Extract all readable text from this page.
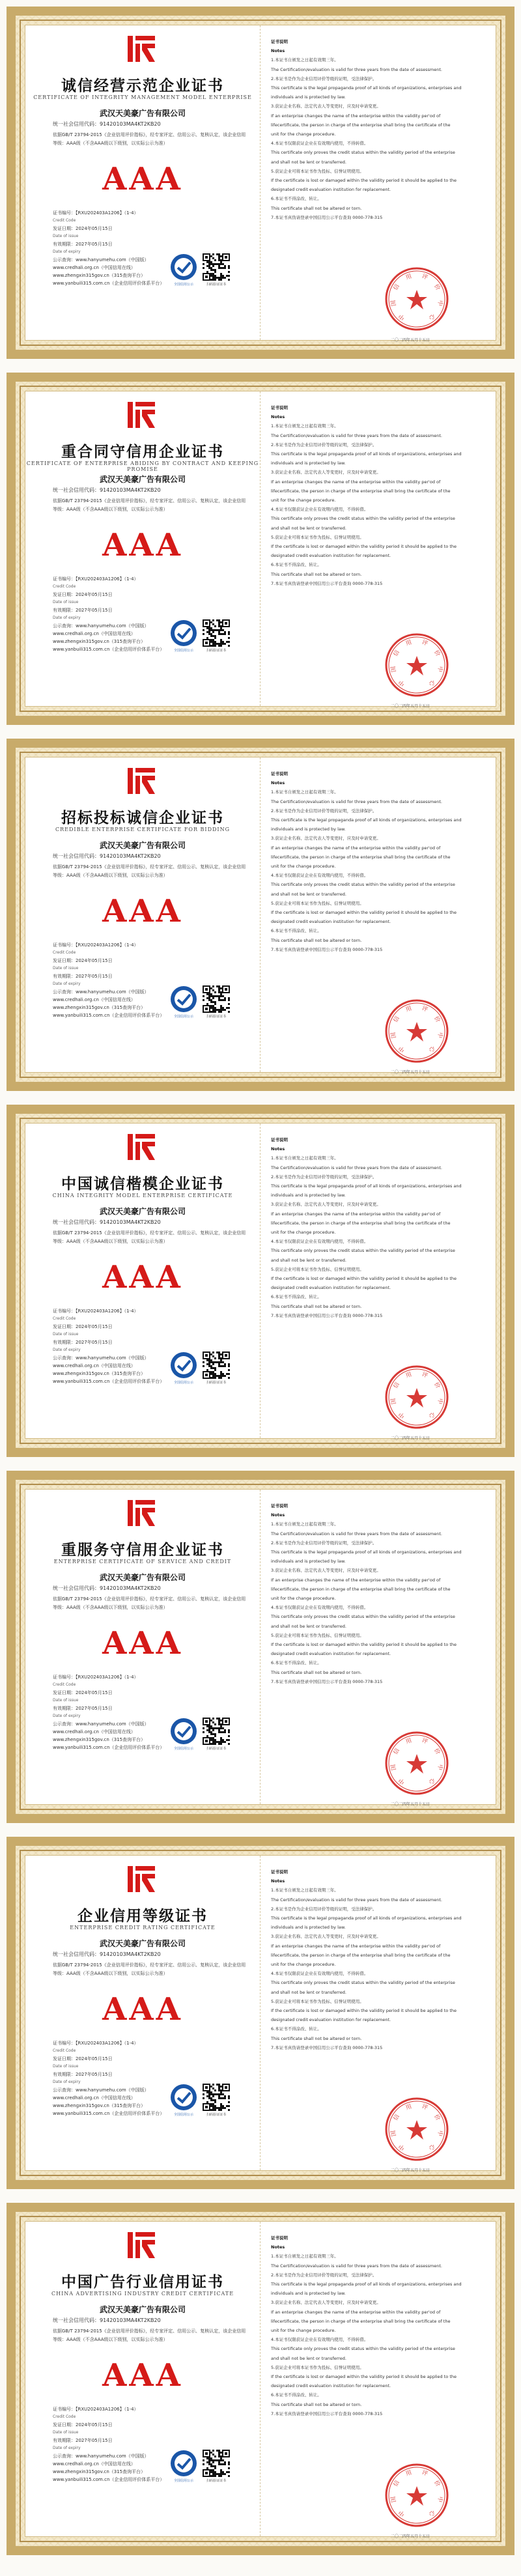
诚信经营示范企业证书
CERTIFICATE OF INTEGRITY MANAGEMENT MODEL ENTERPRISE
武汉天美豪广告有限公司
统一社会信用代码：91420103MA4KT2KB20
依据GB/T 23794-2015《企业信用评价指标》，经专家评定、信用公示、复核认定，该企业信用
等级：AAA级（不含AAA级以下级别，以实际公示为准）
AAA
证书编号：【RXU202403A1206】（1-4）
Credit Code
发证日期：2024年05月15日
Date of issue
有效期限：2027年05月15日
Date of expiry
公示查询：www.hanyumehu.com（中国版）
www.credhali.org.cn（中国信用在线）
www.zhengxin315gov.cn（315查询平台）
www.yanbuili315.com.cn（企业信用评价体系平台）	全国信用公示	扫码验证证书
证书说明
Notes
1.本证书自颁发之日起有效期三年。
The Certification/evaluation is valid for three years from the date of assessment.
2.本证书是作为企业信用评价等级的证明，受法律保护。
This certificate is the legal propaganda proof of all kinds of organizations, enterprises and
individuals and is protected by law.
3.获证企业名称、法定代表人等变更时，应及时申请变更。
If an enterprise changes the name of the enterprise within the validity per'od of
lifecertificate, the person in charge of the enterprise shall bring the certificate of the
unit for the change procedure.
4.本证书仅限获证企业在有效期内使用，不得转借。
This certificate only proves the credit status within the validity period of the enterprise
and shall not be lent or transferred.
5.获证企业可将本证书作为投标、信誉证明使用。
If the certificate is lost or damaged within the validity period it should be applied to the
designated credit evaluation institution for replacement.
6.本证书不得涂改、转让。
This certificate shall not be altered or torn.
7.本证书真伪请登录中国信用公示平台查询 0000-778-315
中
国
信
用 评
价
中
心
二〇二四年五月十五日
重合同守信用企业证书
CERTIFICATE OF ENTERPRISE ABIDING BY CONTRACT AND KEEPING PROMISE
武汉天美豪广告有限公司
统一社会信用代码：91420103MA4KT2KB20
依据GB/T 23794-2015《企业信用评价指标》，经专家评定、信用公示、复核认定，该企业信用
等级：AAA级（不含AAA级以下级别，以实际公示为准）
AAA
证书编号：【RXU202403A1206】（1-4）
Credit Code
发证日期：2024年05月15日
Date of issue
有效期限：2027年05月15日
Date of expiry
公示查询：www.hanyumehu.com（中国版）
www.credhali.org.cn（中国信用在线）
www.zhengxin315gov.cn（315查询平台）
www.yanbuili315.com.cn（企业信用评价体系平台）	全国信用公示	扫码验证证书
证书说明
Notes
1.本证书自颁发之日起有效期三年。
The Certification/evaluation is valid for three years from the date of assessment.
2.本证书是作为企业信用评价等级的证明，受法律保护。
This certificate is the legal propaganda proof of all kinds of organizations, enterprises and
individuals and is protected by law.
3.获证企业名称、法定代表人等变更时，应及时申请变更。
If an enterprise changes the name of the enterprise within the validity per'od of
lifecertificate, the person in charge of the enterprise shall bring the certificate of the
unit for the change procedure.
4.本证书仅限获证企业在有效期内使用，不得转借。
This certificate only proves the credit status within the validity period of the enterprise
and shall not be lent or transferred.
5.获证企业可将本证书作为投标、信誉证明使用。
If the certificate is lost or damaged within the validity period it should be applied to the
designated credit evaluation institution for replacement.
6.本证书不得涂改、转让。
This certificate shall not be altered or torn.
7.本证书真伪请登录中国信用公示平台查询 0000-778-315
中
国
信
用 评
价
中
心
二〇二四年五月十五日
招标投标诚信企业证书
CREDIBLE ENTERPRISE CERTIFICATE FOR BIDDING
武汉天美豪广告有限公司
统一社会信用代码：91420103MA4KT2KB20
依据GB/T 23794-2015《企业信用评价指标》，经专家评定、信用公示、复核认定，该企业信用
等级：AAA级（不含AAA级以下级别，以实际公示为准）
AAA
证书编号：【RXU202403A1206】（1-4）
Credit Code
发证日期：2024年05月15日
Date of issue
有效期限：2027年05月15日
Date of expiry
公示查询：www.hanyumehu.com（中国版）
www.credhali.org.cn（中国信用在线）
www.zhengxin315gov.cn（315查询平台）
www.yanbuili315.com.cn（企业信用评价体系平台）	全国信用公示	扫码验证证书
证书说明
Notes
1.本证书自颁发之日起有效期三年。
The Certification/evaluation is valid for three years from the date of assessment.
2.本证书是作为企业信用评价等级的证明，受法律保护。
This certificate is the legal propaganda proof of all kinds of organizations, enterprises and
individuals and is protected by law.
3.获证企业名称、法定代表人等变更时，应及时申请变更。
If an enterprise changes the name of the enterprise within the validity per'od of
lifecertificate, the person in charge of the enterprise shall bring the certificate of the
unit for the change procedure.
4.本证书仅限获证企业在有效期内使用，不得转借。
This certificate only proves the credit status within the validity period of the enterprise
and shall not be lent or transferred.
5.获证企业可将本证书作为投标、信誉证明使用。
If the certificate is lost or damaged within the validity period it should be applied to the
designated credit evaluation institution for replacement.
6.本证书不得涂改、转让。
This certificate shall not be altered or torn.
7.本证书真伪请登录中国信用公示平台查询 0000-778-315
中
国
信
用 评
价
中
心
二〇二四年五月十五日
中国诚信楷模企业证书
CHINA INTEGRITY MODEL ENTERPRISE CERTIFICATE
武汉天美豪广告有限公司
统一社会信用代码：91420103MA4KT2KB20
依据GB/T 23794-2015《企业信用评价指标》，经专家评定、信用公示、复核认定，该企业信用
等级：AAA级（不含AAA级以下级别，以实际公示为准）
AAA
证书编号：【RXU202403A1206】（1-4）
Credit Code
发证日期：2024年05月15日
Date of issue
有效期限：2027年05月15日
Date of expiry
公示查询：www.hanyumehu.com（中国版）
www.credhali.org.cn（中国信用在线）
www.zhengxin315gov.cn（315查询平台）
www.yanbuili315.com.cn（企业信用评价体系平台）	全国信用公示	扫码验证证书
证书说明
Notes
1.本证书自颁发之日起有效期三年。
The Certification/evaluation is valid for three years from the date of assessment.
2.本证书是作为企业信用评价等级的证明，受法律保护。
This certificate is the legal propaganda proof of all kinds of organizations, enterprises and
individuals and is protected by law.
3.获证企业名称、法定代表人等变更时，应及时申请变更。
If an enterprise changes the name of the enterprise within the validity per'od of
lifecertificate, the person in charge of the enterprise shall bring the certificate of the
unit for the change procedure.
4.本证书仅限获证企业在有效期内使用，不得转借。
This certificate only proves the credit status within the validity period of the enterprise
and shall not be lent or transferred.
5.获证企业可将本证书作为投标、信誉证明使用。
If the certificate is lost or damaged within the validity period it should be applied to the
designated credit evaluation institution for replacement.
6.本证书不得涂改、转让。
This certificate shall not be altered or torn.
7.本证书真伪请登录中国信用公示平台查询 0000-778-315
中
国
信
用 评
价
中
心
二〇二四年五月十五日
重服务守信用企业证书
ENTERPRISE CERTIFICATE OF SERVICE AND CREDIT
武汉天美豪广告有限公司
统一社会信用代码：91420103MA4KT2KB20
依据GB/T 23794-2015《企业信用评价指标》，经专家评定、信用公示、复核认定，该企业信用
等级：AAA级（不含AAA级以下级别，以实际公示为准）
AAA
证书编号：【RXU202403A1206】（1-4）
Credit Code
发证日期：2024年05月15日
Date of issue
有效期限：2027年05月15日
Date of expiry
公示查询：www.hanyumehu.com（中国版）
www.credhali.org.cn（中国信用在线）
www.zhengxin315gov.cn（315查询平台）
www.yanbuili315.com.cn（企业信用评价体系平台）	全国信用公示	扫码验证证书
证书说明
Notes
1.本证书自颁发之日起有效期三年。
The Certification/evaluation is valid for three years from the date of assessment.
2.本证书是作为企业信用评价等级的证明，受法律保护。
This certificate is the legal propaganda proof of all kinds of organizations, enterprises and
individuals and is protected by law.
3.获证企业名称、法定代表人等变更时，应及时申请变更。
If an enterprise changes the name of the enterprise within the validity per'od of
lifecertificate, the person in charge of the enterprise shall bring the certificate of the
unit for the change procedure.
4.本证书仅限获证企业在有效期内使用，不得转借。
This certificate only proves the credit status within the validity period of the enterprise
and shall not be lent or transferred.
5.获证企业可将本证书作为投标、信誉证明使用。
If the certificate is lost or damaged within the validity period it should be applied to the
designated credit evaluation institution for replacement.
6.本证书不得涂改、转让。
This certificate shall not be altered or torn.
7.本证书真伪请登录中国信用公示平台查询 0000-778-315
中
国
信
用 评
价
中
心
二〇二四年五月十五日
企业信用等级证书
ENTERPRISE CREDIT RATING CERTIFICATE
武汉天美豪广告有限公司
统一社会信用代码：91420103MA4KT2KB20
依据GB/T 23794-2015《企业信用评价指标》，经专家评定、信用公示、复核认定，该企业信用
等级：AAA级（不含AAA级以下级别，以实际公示为准）
AAA
证书编号：【RXU202403A1206】（1-4）
Credit Code
发证日期：2024年05月15日
Date of issue
有效期限：2027年05月15日
Date of expiry
公示查询：www.hanyumehu.com（中国版）
www.credhali.org.cn（中国信用在线）
www.zhengxin315gov.cn（315查询平台）
www.yanbuili315.com.cn（企业信用评价体系平台）	全国信用公示	扫码验证证书
证书说明
Notes
1.本证书自颁发之日起有效期三年。
The Certification/evaluation is valid for three years from the date of assessment.
2.本证书是作为企业信用评价等级的证明，受法律保护。
This certificate is the legal propaganda proof of all kinds of organizations, enterprises and
individuals and is protected by law.
3.获证企业名称、法定代表人等变更时，应及时申请变更。
If an enterprise changes the name of the enterprise within the validity per'od of
lifecertificate, the person in charge of the enterprise shall bring the certificate of the
unit for the change procedure.
4.本证书仅限获证企业在有效期内使用，不得转借。
This certificate only proves the credit status within the validity period of the enterprise
and shall not be lent or transferred.
5.获证企业可将本证书作为投标、信誉证明使用。
If the certificate is lost or damaged within the validity period it should be applied to the
designated credit evaluation institution for replacement.
6.本证书不得涂改、转让。
This certificate shall not be altered or torn.
7.本证书真伪请登录中国信用公示平台查询 0000-778-315
中
国
信
用 评
价
中
心
二〇二四年五月十五日
中国广告行业信用证书
CHINA ADVERTISING INDUSTRY CREDIT CERTIFICATE
武汉天美豪广告有限公司
统一社会信用代码：91420103MA4KT2KB20
依据GB/T 23794-2015《企业信用评价指标》，经专家评定、信用公示、复核认定，该企业信用
等级：AAA级（不含AAA级以下级别，以实际公示为准）
AAA
证书编号：【RXU202403A1206】（1-4）
Credit Code
发证日期：2024年05月15日
Date of issue
有效期限：2027年05月15日
Date of expiry
公示查询：www.hanyumehu.com（中国版）
www.credhali.org.cn（中国信用在线）
www.zhengxin315gov.cn（315查询平台）
www.yanbuili315.com.cn（企业信用评价体系平台）	全国信用公示	扫码验证证书
证书说明
Notes
1.本证书自颁发之日起有效期三年。
The Certification/evaluation is valid for three years from the date of assessment.
2.本证书是作为企业信用评价等级的证明，受法律保护。
This certificate is the legal propaganda proof of all kinds of organizations, enterprises and
individuals and is protected by law.
3.获证企业名称、法定代表人等变更时，应及时申请变更。
If an enterprise changes the name of the enterprise within the validity per'od of
lifecertificate, the person in charge of the enterprise shall bring the certificate of the
unit for the change procedure.
4.本证书仅限获证企业在有效期内使用，不得转借。
This certificate only proves the credit status within the validity period of the enterprise
and shall not be lent or transferred.
5.获证企业可将本证书作为投标、信誉证明使用。
If the certificate is lost or damaged within the validity period it should be applied to the
designated credit evaluation institution for replacement.
6.本证书不得涂改、转让。
This certificate shall not be altered or torn.
7.本证书真伪请登录中国信用公示平台查询 0000-778-315
中
国
信
用 评
价
中
心
二〇二四年五月十五日
